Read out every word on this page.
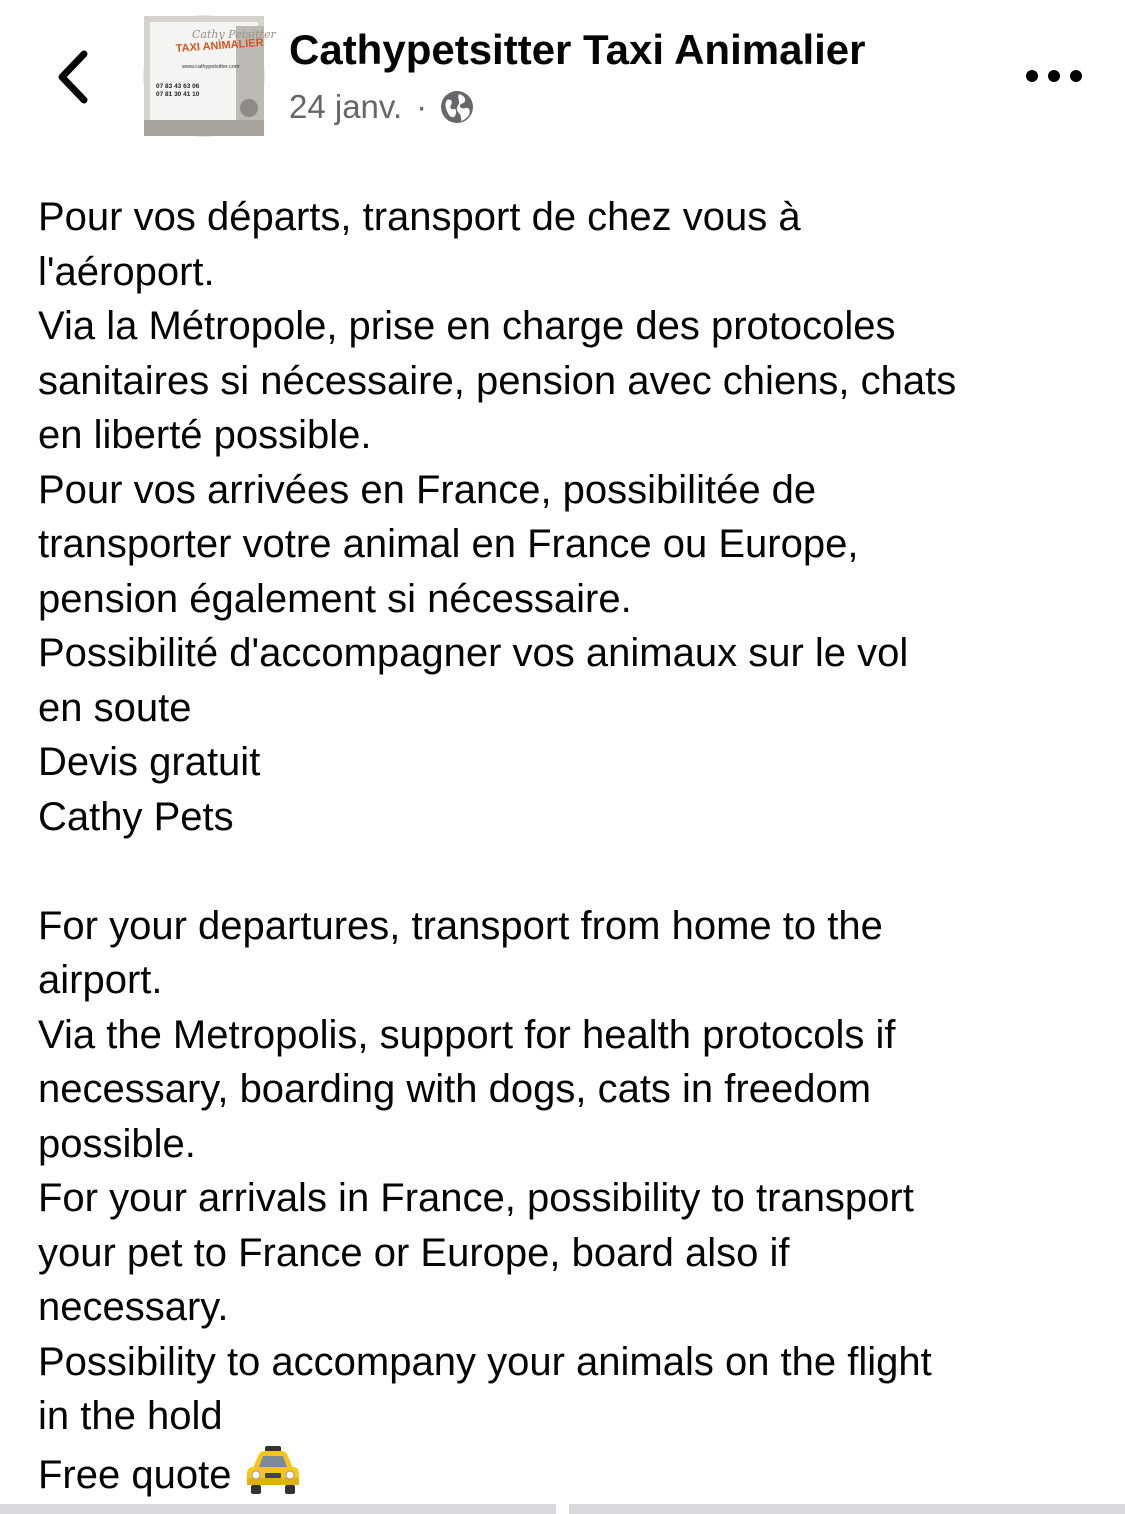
Cathy Petsitter
TAXI ANIMALIER
www.cathypetsitter.com
07 83 43 63 06
07 81 30 41 10
Cathypetsitter Taxi Animalier
24 janv. ·
Pour vos départs, transport de chez vous à
l'aéroport.
Via la Métropole, prise en charge des protocoles
sanitaires si nécessaire, pension avec chiens, chats
en liberté possible.
Pour vos arrivées en France, possibilitée de
transporter votre animal en France ou Europe,
pension également si nécessaire.
Possibilité d'accompagner vos animaux sur le vol
en soute
Devis gratuit
Cathy Pets
For your departures, transport from home to the
airport.
Via the Metropolis, support for health protocols if
necessary, boarding with dogs, cats in freedom
possible.
For your arrivals in France, possibility to transport
your pet to France or Europe, board also if
necessary.
Possibility to accompany your animals on the flight
in the hold
Free quote
